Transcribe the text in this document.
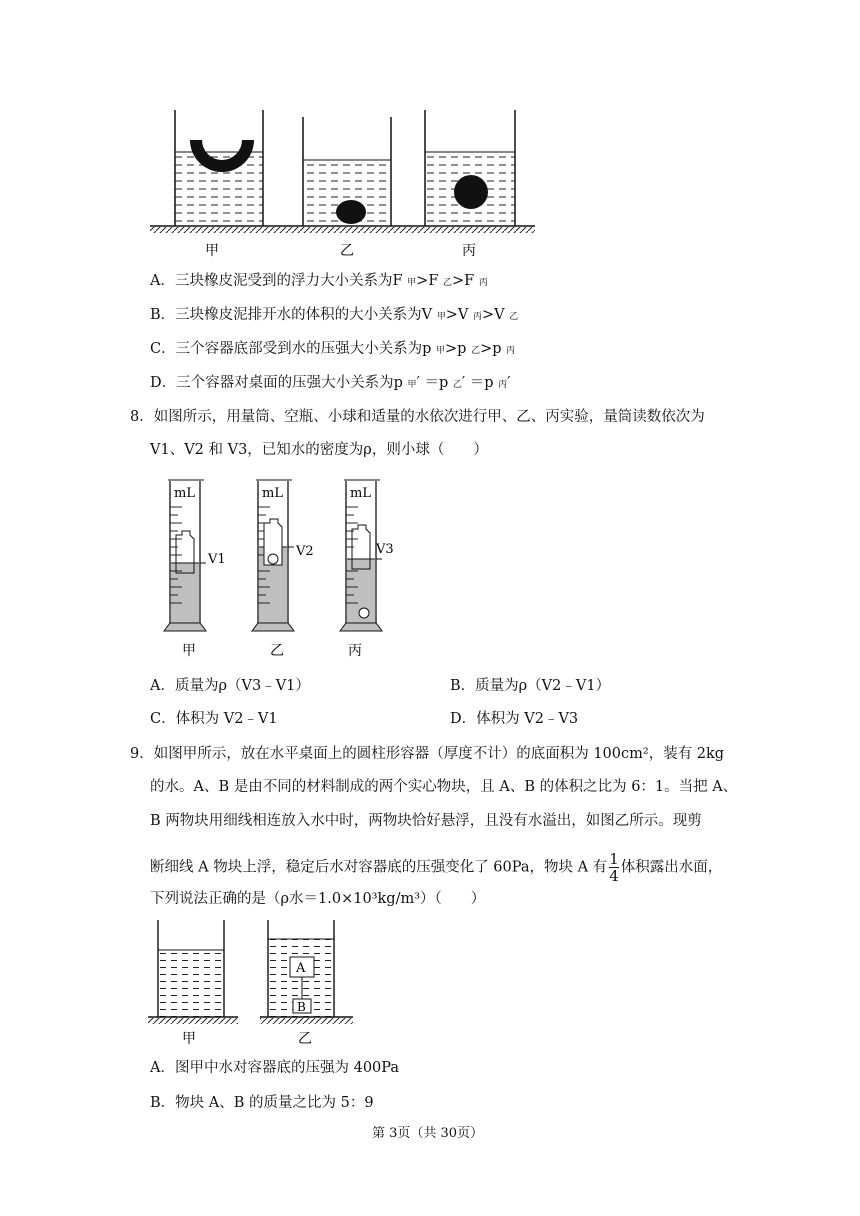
甲	乙	丙
A．三块橡皮泥受到的浮力大小关系为F 甲>F 乙>F 丙
B．三块橡皮泥排开水的体积的大小关系为V 甲>V 丙>V 乙
C．三个容器底部受到水的压强大小关系为p 甲>p 乙>p 丙
D．三个容器对桌面的压强大小关系为p 甲′ ＝p 乙′ ＝p 丙′
8．如图所示，用量筒、空瓶、小球和适量的水依次进行甲、乙、丙实验，量筒读数依次为
V1、V2 和 V3，已知水的密度为ρ，则小球（　　）
mL
V1
mL
V2
mL
V3
甲	乙	丙
A．质量为ρ（V3﹣V1）	B．质量为ρ（V2﹣V1）
C．体积为 V2﹣V1	D．体积为 V2﹣V3
9．如图甲所示，放在水平桌面上的圆柱形容器（厚度不计）的底面积为 100cm²，装有 2kg
的水。A、B 是由不同的材料制成的两个实心物块，且 A、B 的体积之比为 6：1。当把 A、
B 两物块用细线相连放入水中时，两物块恰好悬浮，且没有水溢出，如图乙所示。现剪
断细线 A 物块上浮，稳定后水对容器底的压强变化了 60Pa，物块 A 有 $\frac{1}{4}$ 体积露出水面，
下列说法正确的是（ρ水＝1.0×10³kg/m³）（　　）
A
B
甲	乙
A．图甲中水对容器底的压强为 400Pa
B．物块 A、B 的质量之比为 5：9
第 3页（共 30页）
